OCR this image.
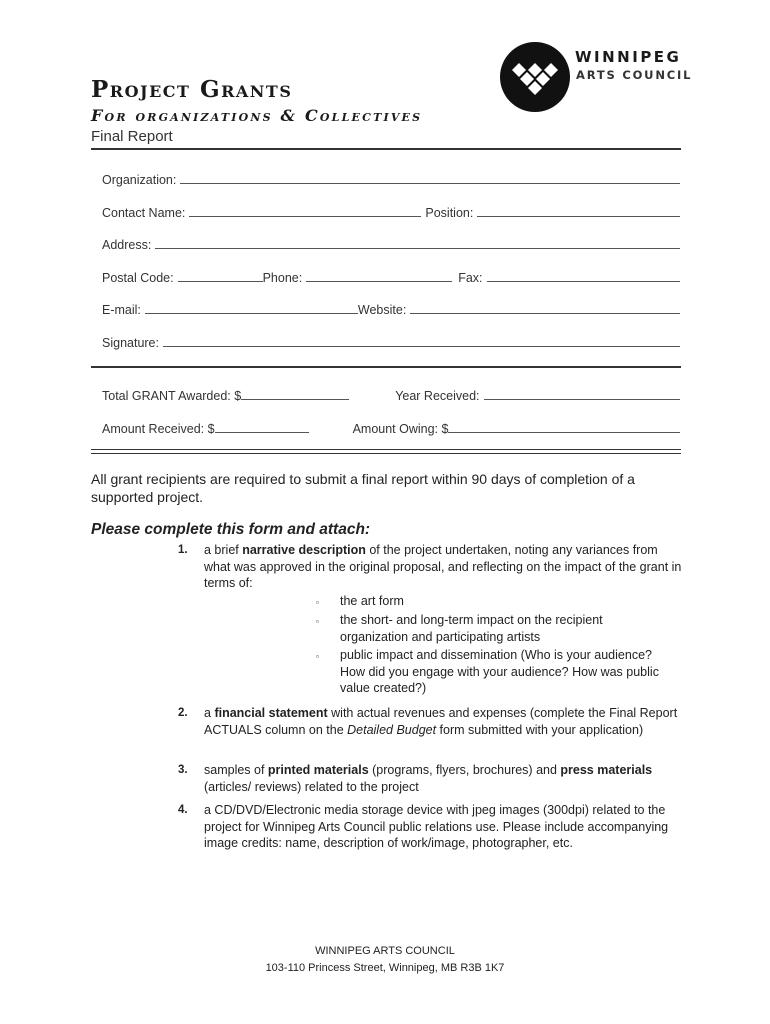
Project Grants
For organizations & Collectives
Final Report
WINNIPEG
ARTS COUNCIL
Organization:
Contact Name:	Position:
Address:
Postal Code:	Phone:	Fax:
E-mail:	Website:
Signature:
Total GRANT Awarded: $	Year Received:
Amount Received: $	Amount Owing: $
All grant recipients are required to submit a final report within 90 days of completion of a supported project.
Please complete this form and attach:
1. a brief narrative description of the project undertaken, noting any variances from what was approved in the original proposal, and reflecting on the impact of the grant in terms of:
▫ the art form
▫ the short- and long-term impact on the recipient organization and participating artists
▫ public impact and dissemination (Who is your audience? How did you engage with your audience? How was public value created?)
2. a financial statement with actual revenues and expenses (complete the Final Report ACTUALS column on the Detailed Budget form submitted with your application)
3. samples of printed materials (programs, flyers, brochures) and press materials (articles/ reviews) related to the project
4. a CD/DVD/Electronic media storage device with jpeg images (300dpi) related to the project for Winnipeg Arts Council public relations use. Please include accompanying image credits: name, description of work/image, photographer, etc.
WINNIPEG ARTS COUNCIL
103-110 Princess Street, Winnipeg, MB R3B 1K7
